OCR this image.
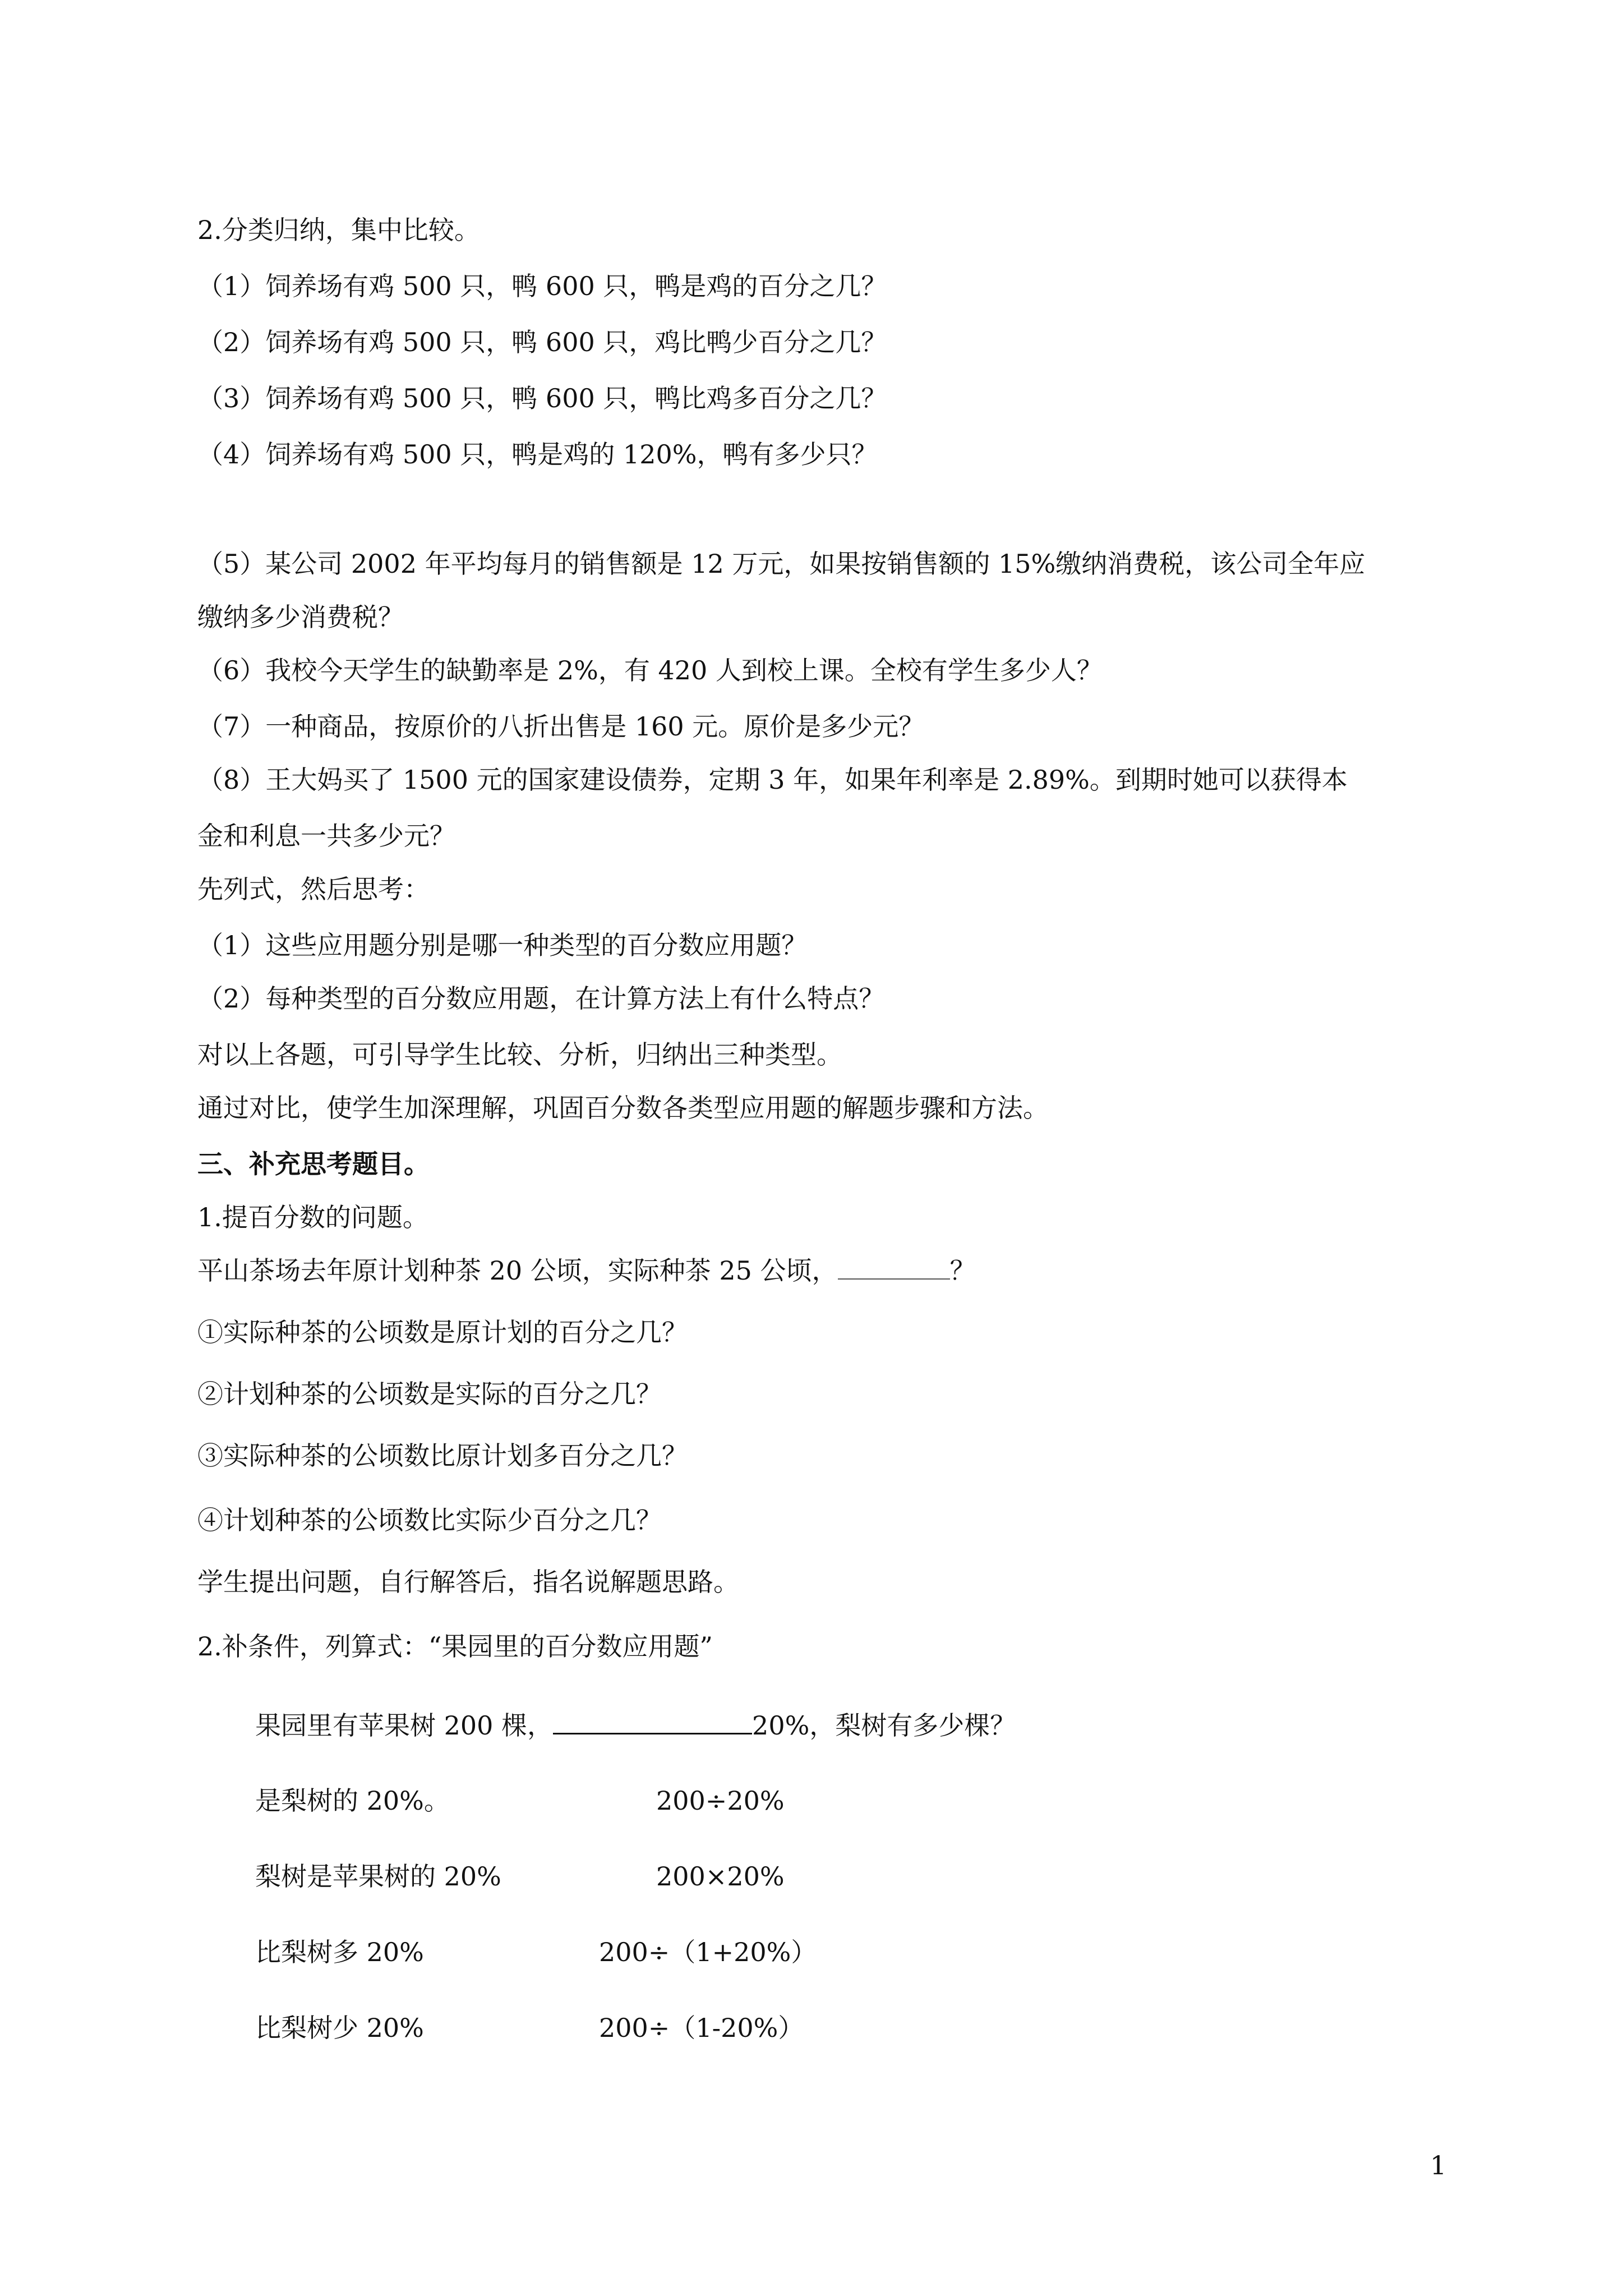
2.分类归纳，集中比较。
（1）饲养场有鸡 500 只，鸭 600 只，鸭是鸡的百分之几？
（2）饲养场有鸡 500 只，鸭 600 只，鸡比鸭少百分之几？
（3）饲养场有鸡 500 只，鸭 600 只，鸭比鸡多百分之几？
（4）饲养场有鸡 500 只，鸭是鸡的 120%，鸭有多少只？
（5）某公司 2002 年平均每月的销售额是 12 万元，如果按销售额的 15%缴纳消费税，该公司全年应
缴纳多少消费税？
（6）我校今天学生的缺勤率是 2%，有 420 人到校上课。全校有学生多少人？
（7）一种商品，按原价的八折出售是 160 元。原价是多少元？
（8）王大妈买了 1500 元的国家建设债券，定期 3 年，如果年利率是 2.89%。到期时她可以获得本
金和利息一共多少元？
先列式，然后思考：
（1）这些应用题分别是哪一种类型的百分数应用题？
（2）每种类型的百分数应用题，在计算方法上有什么特点？
对以上各题，可引导学生比较、分析，归纳出三种类型。
通过对比，使学生加深理解，巩固百分数各类型应用题的解题步骤和方法。
三、补充思考题目。
1.提百分数的问题。
平山茶场去年原计划种茶 20 公顷，实际种茶 25 公顷，	？
①实际种茶的公顷数是原计划的百分之几？
②计划种茶的公顷数是实际的百分之几？
③实际种茶的公顷数比原计划多百分之几？
④计划种茶的公顷数比实际少百分之几？
学生提出问题，自行解答后，指名说解题思路。
2.补条件，列算式：“果园里的百分数应用题”
果园里有苹果树 200 棵，	20%，梨树有多少棵？
是梨树的 20%。	200÷20%
梨树是苹果树的 20%	200×20%
比梨树多 20%	200÷（1+20%）
比梨树少 20%	200÷（1-20%）
1
